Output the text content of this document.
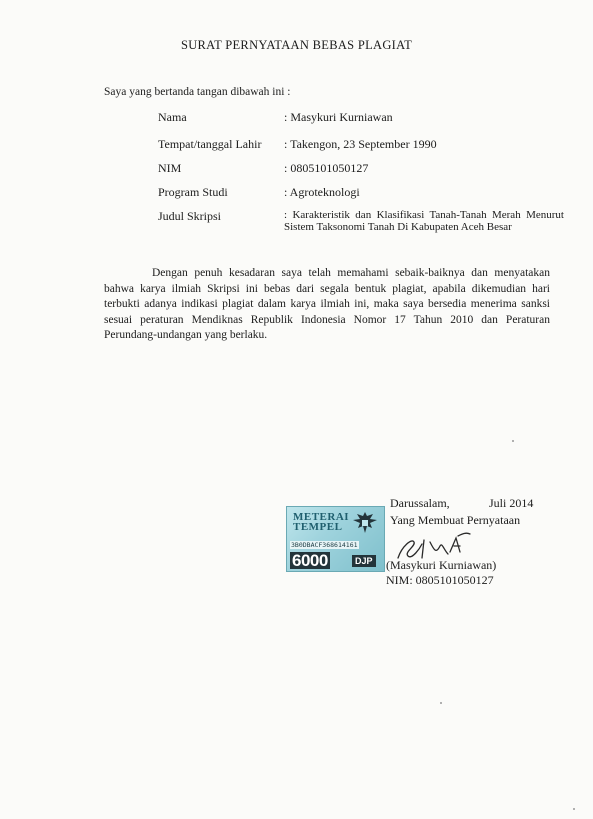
SURAT PERNYATAAN BEBAS PLAGIAT
Saya yang bertanda tangan dibawah ini :
Nama	: Masykuri Kurniawan
Tempat/tanggal Lahir : Takengon, 23 September 1990
NIM	: 0805101050127
Program Studi	: Agroteknologi
Judul Skripsi	: Karakteristik dan Klasifikasi Tanah-Tanah Merah Menurut Sistem Taksonomi Tanah Di Kabupaten Aceh Besar
Dengan penuh kesadaran saya telah memahami sebaik-baiknya dan menyatakan bahwa karya ilmiah Skripsi ini bebas dari segala bentuk plagiat, apabila dikemudian hari terbukti adanya indikasi plagiat dalam karya ilmiah ini, maka saya bersedia menerima sanksi sesuai peraturan Mendiknas Republik Indonesia Nomor 17 Tahun 2010 dan Peraturan Perundang-undangan yang berlaku.
Darussalam,	Juli 2014
Yang Membuat Pernyataan
METERAI
TEMPEL
3B0DBACF368614161
6000	DJP (Masykuri Kurniawan)
NIM: 0805101050127
